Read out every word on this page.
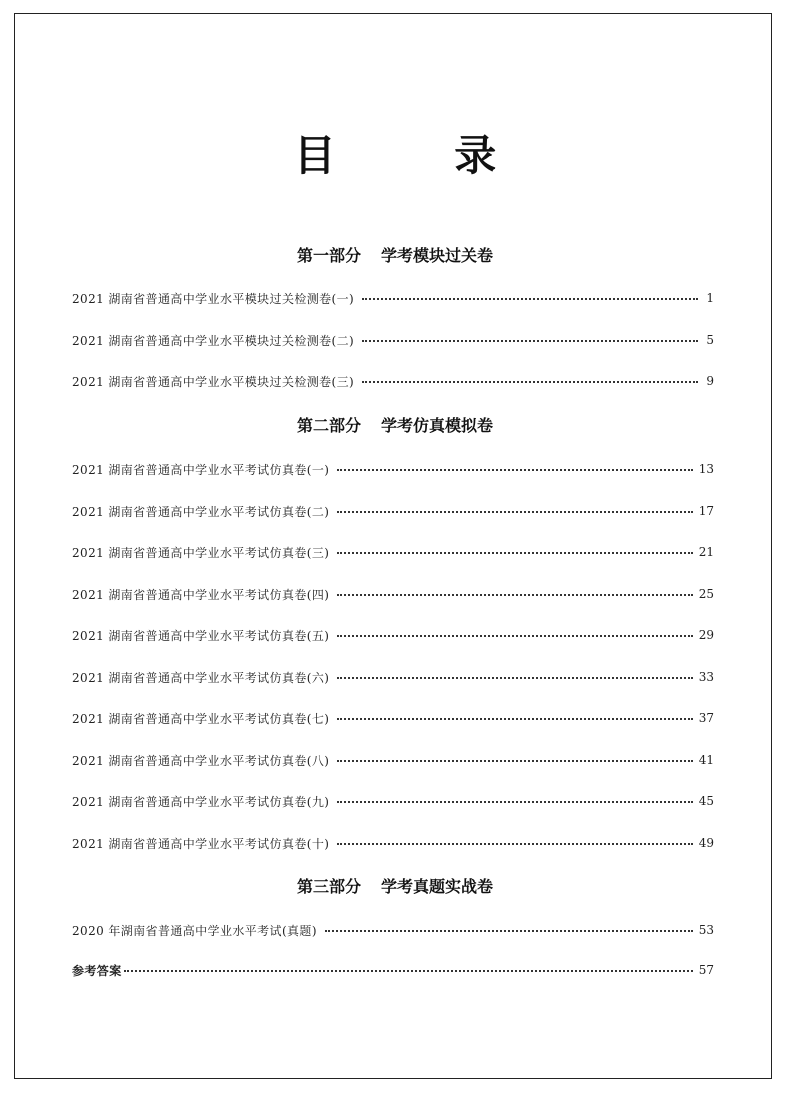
目 录
第一部分 学考模块过关卷
2021 湖南省普通高中学业水平模块过关检测卷(一)	1
2021 湖南省普通高中学业水平模块过关检测卷(二)	5
2021 湖南省普通高中学业水平模块过关检测卷(三)	9
第二部分 学考仿真模拟卷
2021 湖南省普通高中学业水平考试仿真卷(一)	13
2021 湖南省普通高中学业水平考试仿真卷(二)	17
2021 湖南省普通高中学业水平考试仿真卷(三)	21
2021 湖南省普通高中学业水平考试仿真卷(四)	25
2021 湖南省普通高中学业水平考试仿真卷(五)	29
2021 湖南省普通高中学业水平考试仿真卷(六)	33
2021 湖南省普通高中学业水平考试仿真卷(七)	37
2021 湖南省普通高中学业水平考试仿真卷(八)	41
2021 湖南省普通高中学业水平考试仿真卷(九)	45
2021 湖南省普通高中学业水平考试仿真卷(十)	49
第三部分 学考真题实战卷
2020 年湖南省普通高中学业水平考试(真题)	53
参考答案	57
